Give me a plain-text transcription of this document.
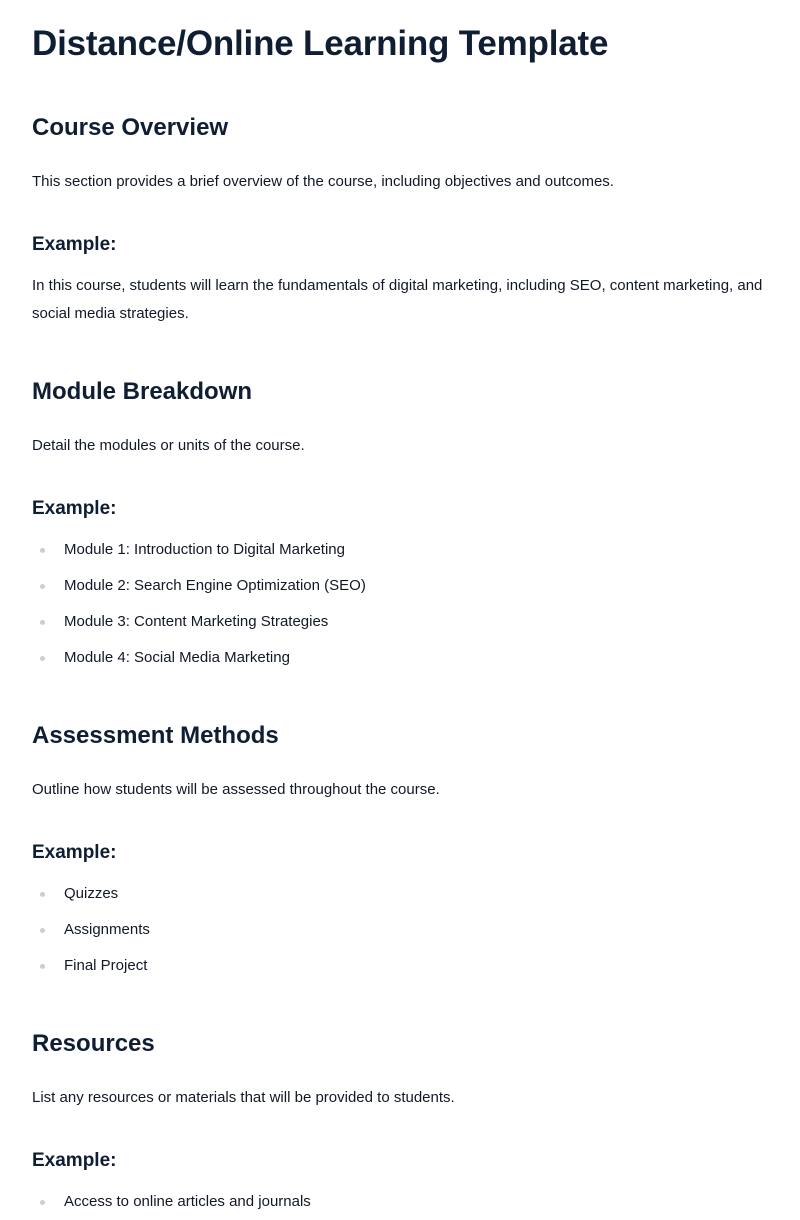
Distance/Online Learning Template
Course Overview

This section provides a brief overview of the course, including objectives and outcomes.

Example:

In this course, students will learn the fundamentals of digital marketing, including SEO, content marketing, and social media strategies.

Module Breakdown

Detail the modules or units of the course.

Example:
Module 1: Introduction to Digital Marketing
Module 2: Search Engine Optimization (SEO)
Module 3: Content Marketing Strategies
Module 4: Social Media Marketing
Assessment Methods

Outline how students will be assessed throughout the course.

Example:
Quizzes
Assignments
Final Project
Resources

List any resources or materials that will be provided to students.

Example:
Access to online articles and journals
